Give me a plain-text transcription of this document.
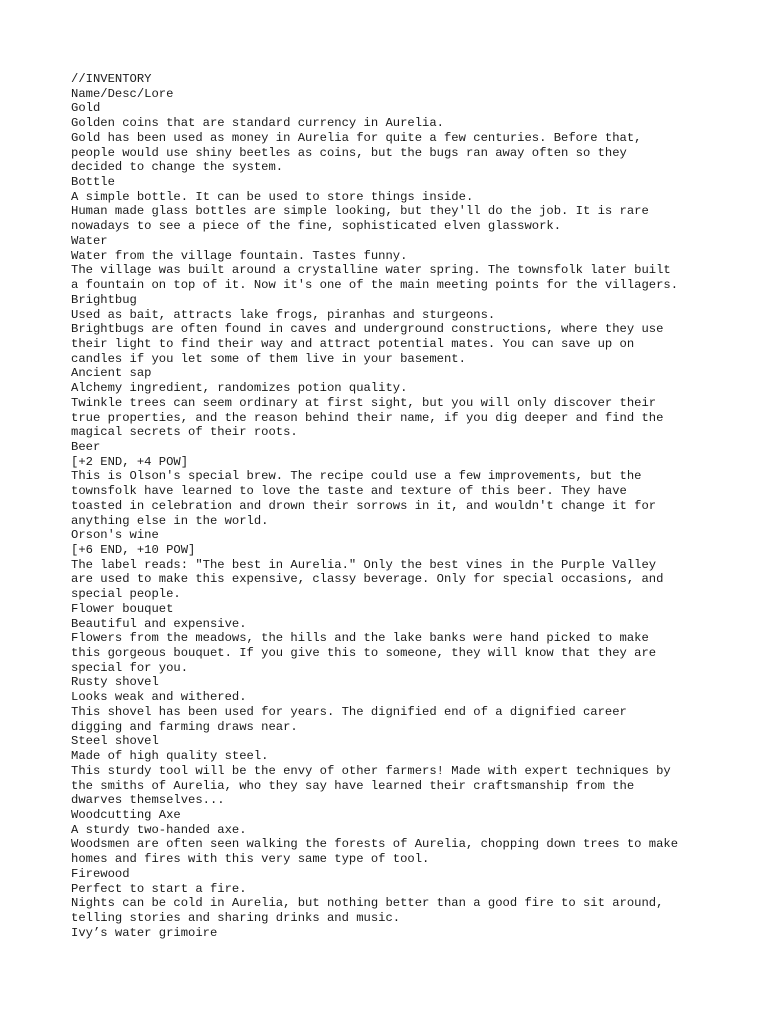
//INVENTORY
Name/Desc/Lore
Gold
Golden coins that are standard currency in Aurelia.
Gold has been used as money in Aurelia for quite a few centuries. Before that,
people would use shiny beetles as coins, but the bugs ran away often so they
decided to change the system.
Bottle
A simple bottle. It can be used to store things inside.
Human made glass bottles are simple looking, but they'll do the job. It is rare
nowadays to see a piece of the fine, sophisticated elven glasswork.
Water
Water from the village fountain. Tastes funny.
The village was built around a crystalline water spring. The townsfolk later built
a fountain on top of it. Now it's one of the main meeting points for the villagers.
Brightbug
Used as bait, attracts lake frogs, piranhas and sturgeons.
Brightbugs are often found in caves and underground constructions, where they use
their light to find their way and attract potential mates. You can save up on
candles if you let some of them live in your basement.
Ancient sap
Alchemy ingredient, randomizes potion quality.
Twinkle trees can seem ordinary at first sight, but you will only discover their
true properties, and the reason behind their name, if you dig deeper and find the
magical secrets of their roots.
Beer
[+2 END, +4 POW]
This is Olson's special brew. The recipe could use a few improvements, but the
townsfolk have learned to love the taste and texture of this beer. They have
toasted in celebration and drown their sorrows in it, and wouldn't change it for
anything else in the world.
Orson's wine
[+6 END, +10 POW]
The label reads: "The best in Aurelia." Only the best vines in the Purple Valley
are used to make this expensive, classy beverage. Only for special occasions, and
special people.
Flower bouquet
Beautiful and expensive.
Flowers from the meadows, the hills and the lake banks were hand picked to make
this gorgeous bouquet. If you give this to someone, they will know that they are
special for you.
Rusty shovel
Looks weak and withered.
This shovel has been used for years. The dignified end of a dignified career
digging and farming draws near.
Steel shovel
Made of high quality steel.
This sturdy tool will be the envy of other farmers! Made with expert techniques by
the smiths of Aurelia, who they say have learned their craftsmanship from the
dwarves themselves...
Woodcutting Axe
A sturdy two-handed axe.
Woodsmen are often seen walking the forests of Aurelia, chopping down trees to make
homes and fires with this very same type of tool.
Firewood
Perfect to start a fire.
Nights can be cold in Aurelia, but nothing better than a good fire to sit around,
telling stories and sharing drinks and music.
Ivy’s water grimoire
